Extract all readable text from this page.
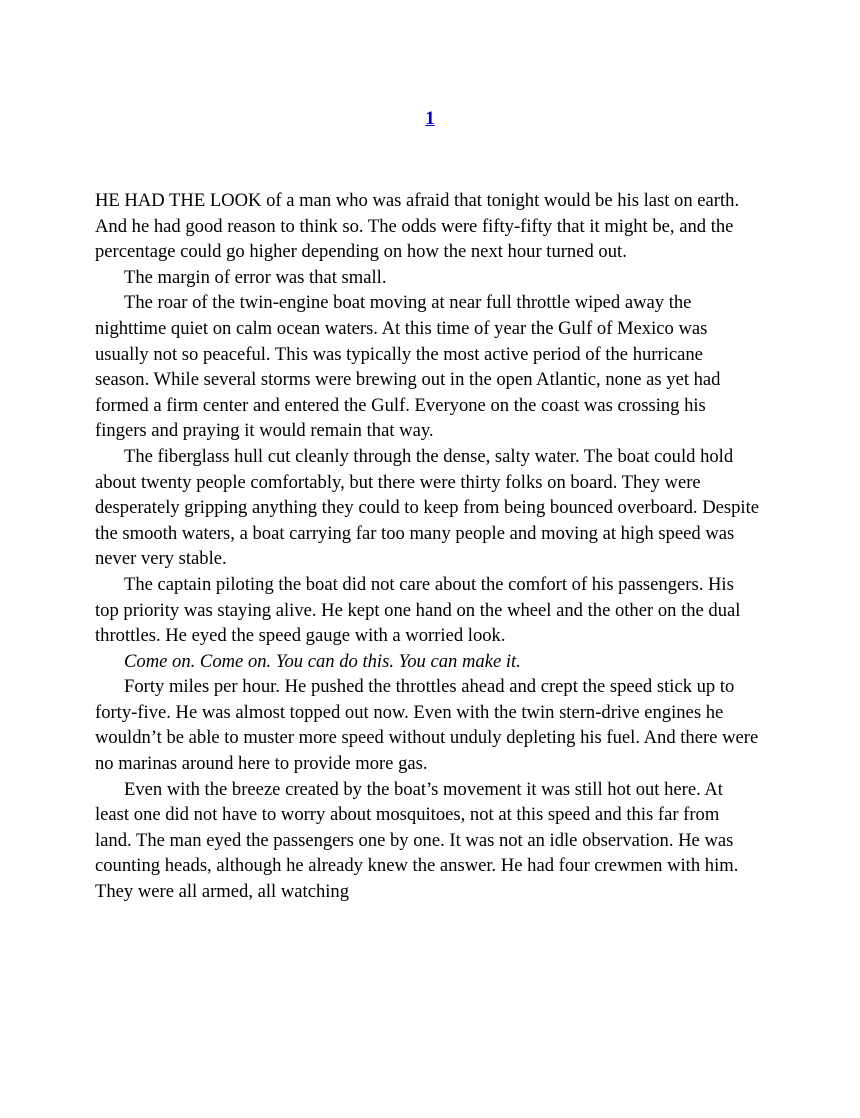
1

HE HAD THE LOOK of a man who was afraid that tonight would be his last on earth. And he had good reason to think so. The odds were fifty-fifty that it might be, and the percentage could go higher depending on how the next hour turned out.

The margin of error was that small.

The roar of the twin-engine boat moving at near full throttle wiped away the nighttime quiet on calm ocean waters. At this time of year the Gulf of Mexico was usually not so peaceful. This was typically the most active period of the hurricane season. While several storms were brewing out in the open Atlantic, none as yet had formed a firm center and entered the Gulf. Everyone on the coast was crossing his fingers and praying it would remain that way.

The fiberglass hull cut cleanly through the dense, salty water. The boat could hold about twenty people comfortably, but there were thirty folks on board. They were desperately gripping anything they could to keep from being bounced overboard. Despite the smooth waters, a boat carrying far too many people and moving at high speed was never very stable.

The captain piloting the boat did not care about the comfort of his passengers. His top priority was staying alive. He kept one hand on the wheel and the other on the dual throttles. He eyed the speed gauge with a worried look.

Come on. Come on. You can do this. You can make it.

Forty miles per hour. He pushed the throttles ahead and crept the speed stick up to forty-five. He was almost topped out now. Even with the twin stern-drive engines he wouldn’t be able to muster more speed without unduly depleting his fuel. And there were no marinas around here to provide more gas.

Even with the breeze created by the boat’s movement it was still hot out here. At least one did not have to worry about mosquitoes, not at this speed and this far from land. The man eyed the passengers one by one. It was not an idle observation. He was counting heads, although he already knew the answer. He had four crewmen with him. They were all armed, all watching
